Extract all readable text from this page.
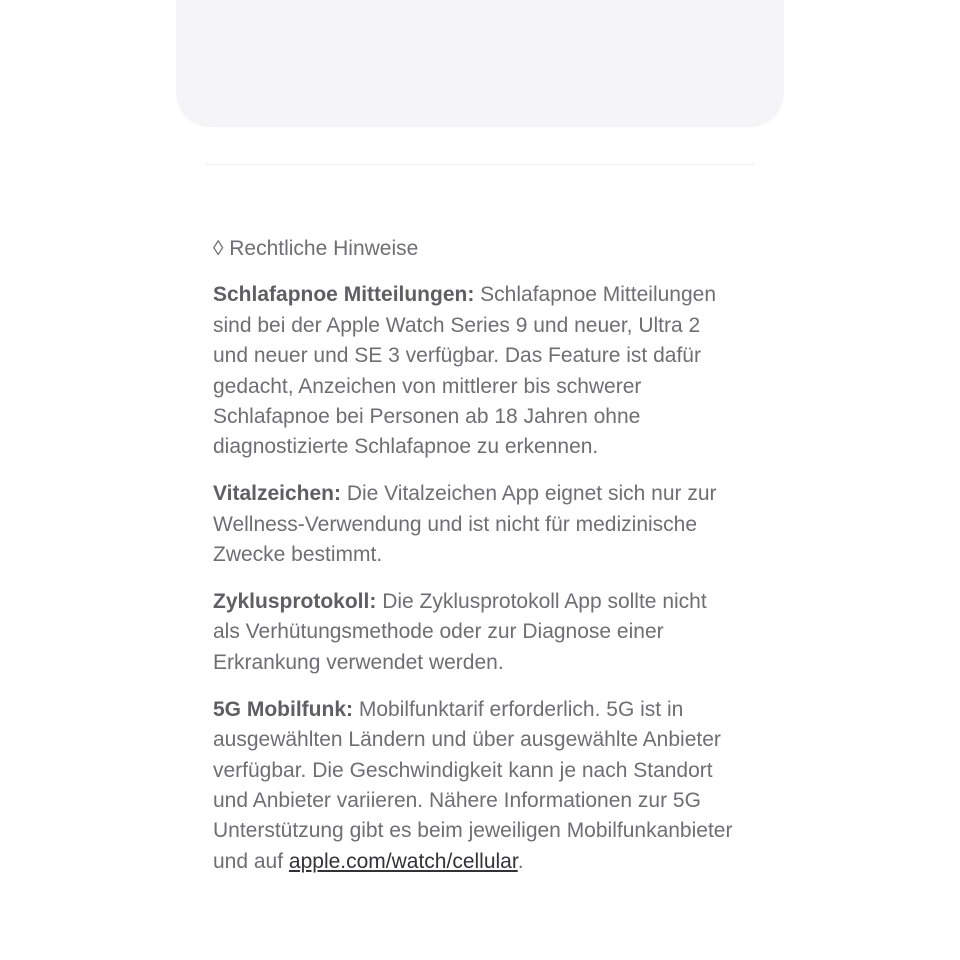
◊ Rechtliche Hinweise

Schlafapnoe Mitteilungen: Schlafapnoe Mitteilungen sind bei der Apple Watch Series 9 und neuer, Ultra 2 und neuer und SE 3 verfügbar. Das Feature ist dafür gedacht, Anzeichen von mittlerer bis schwerer Schlafapnoe bei Personen ab 18 Jahren ohne diagnostizierte Schlafapnoe zu erkennen.

Vitalzeichen: Die Vitalzeichen App eignet sich nur zur Wellness-Verwendung und ist nicht für medizinische Zwecke bestimmt.

Zyklusprotokoll: Die Zyklusprotokoll App sollte nicht als Verhütungsmethode oder zur Diagnose einer Erkrankung verwendet werden.

5G Mobilfunk: Mobilfunktarif erforderlich. 5G ist in ausgewählten Ländern und über ausgewählte Anbieter verfügbar. Die Geschwindigkeit kann je nach Standort und Anbieter variieren. Nähere Informationen zur 5G Unterstützung gibt es beim jeweiligen Mobilfunkanbieter und auf apple.com/watch/cellular.
